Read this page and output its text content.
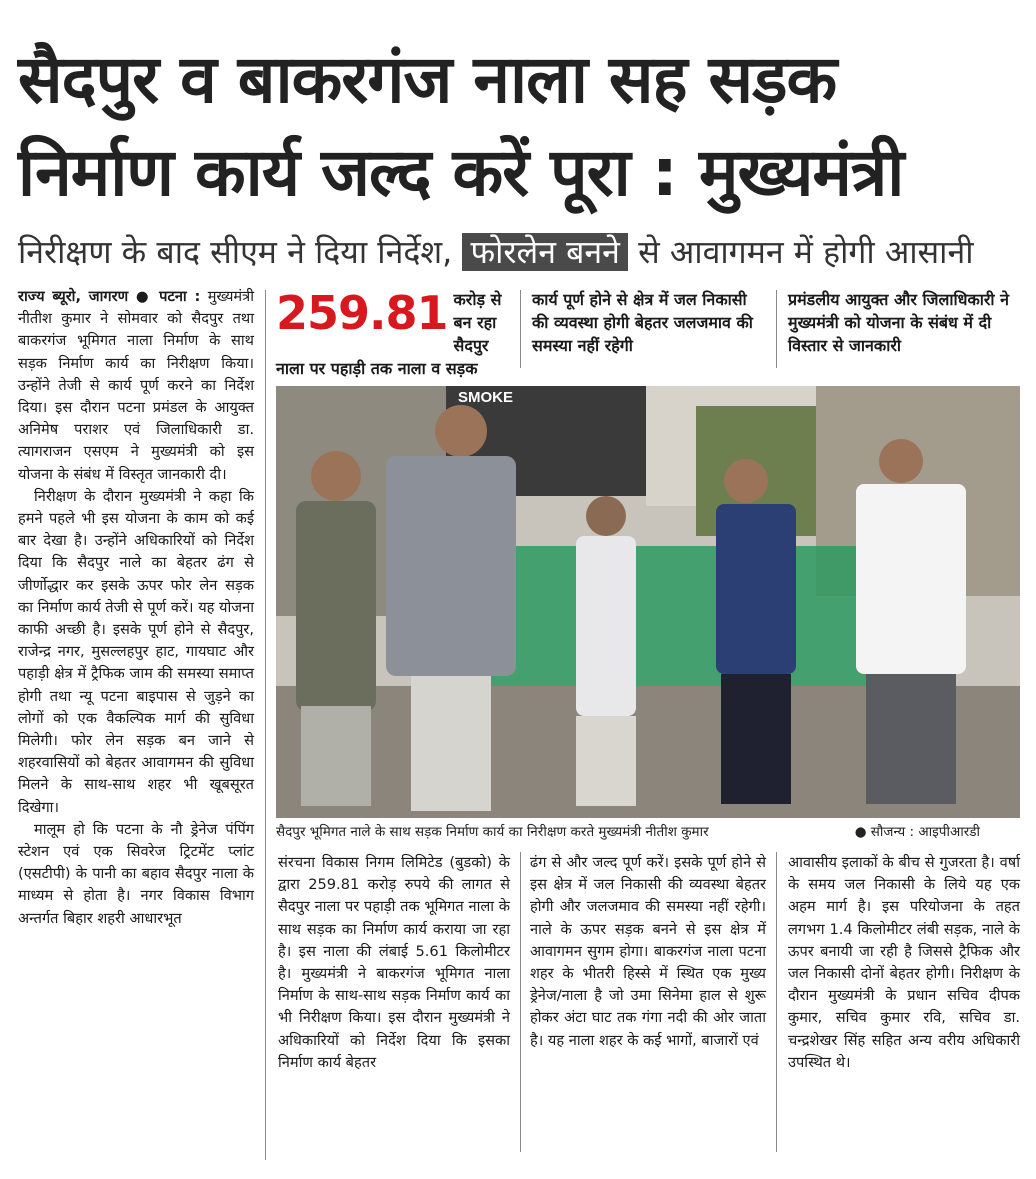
सैदपुर व बाकरगंज नाला सह सड़क
निर्माण कार्य जल्द करें पूरा : मुख्यमंत्री
निरीक्षण के बाद सीएम ने दिया निर्देश, फोरलेन बनने से आवागमन में होगी आसानी

राज्य ब्यूरो, जागरण ● पटना : मुख्यमंत्री नीतीश कुमार ने सोमवार को सैदपुर तथा बाकरगंज भूमिगत नाला निर्माण के साथ सड़क निर्माण कार्य का निरीक्षण किया। उन्होंने तेजी से कार्य पूर्ण करने का निर्देश दिया। इस दौरान पटना प्रमंडल के आयुक्त अनिमेष पराशर एवं जिलाधिकारी डा. त्यागराजन एसएम ने मुख्यमंत्री को इस योजना के संबंध में विस्तृत जानकारी दी।

निरीक्षण के दौरान मुख्यमंत्री ने कहा कि हमने पहले भी इस योजना के काम को कई बार देखा है। उन्होंने अधिकारियों को निर्देश दिया कि सैदपुर नाले का बेहतर ढंग से जीर्णोद्धार कर इसके ऊपर फोर लेन सड़क का निर्माण कार्य तेजी से पूर्ण करें। यह योजना काफी अच्छी है। इसके पूर्ण होने से सैदपुर, राजेन्द्र नगर, मुसल्लहपुर हाट, गायघाट और पहाड़ी क्षेत्र में ट्रैफिक जाम की समस्या समाप्त होगी तथा न्यू पटना बाइपास से जुड़ने का लोगों को एक वैकल्पिक मार्ग की सुविधा मिलेगी। फोर लेन सड़क बन जाने से शहरवासियों को बेहतर आवागमन की सुविधा मिलने के साथ-साथ शहर भी खूबसूरत दिखेगा।

मालूम हो कि पटना के नौ ड्रेनेज पंपिंग स्टेशन एवं एक सिवरेज ट्रिटमेंट प्लांट (एसटीपी) के पानी का बहाव सैदपुर नाला के माध्यम से होता है। नगर विकास विभाग अन्तर्गत बिहार शहरी आधारभूत

259.81 करोड़ से बन रहा सैदपुर नाला पर पहाड़ी तक नाला व सड़क
कार्य पूर्ण होने से क्षेत्र में जल निकासी की व्यवस्था होगी बेहतर जलजमाव की समस्या नहीं रहेगी
प्रमंडलीय आयुक्त और जिलाधिकारी ने मुख्यमंत्री को योजना के संबंध में दी विस्तार से जानकारी
SMOKE
सैदपुर भूमिगत नाले के साथ सड़क निर्माण कार्य का निरीक्षण करते मुख्यमंत्री नीतीश कुमार	● सौजन्य : आइपीआरडी

संरचना विकास निगम लिमिटेड (बुडको) के द्वारा 259.81 करोड़ रुपये की लागत से सैदपुर नाला पर पहाड़ी तक भूमिगत नाला के साथ सड़क का निर्माण कार्य कराया जा रहा है। इस नाला की लंबाई 5.61 किलोमीटर है। मुख्यमंत्री ने बाकरगंज भूमिगत नाला निर्माण के साथ-साथ सड़क निर्माण कार्य का भी निरीक्षण किया। इस दौरान मुख्यमंत्री ने अधिकारियों को निर्देश दिया कि इसका निर्माण कार्य बेहतर

ढंग से और जल्द पूर्ण करें। इसके पूर्ण होने से इस क्षेत्र में जल निकासी की व्यवस्था बेहतर होगी और जलजमाव की समस्या नहीं रहेगी। नाले के ऊपर सड़क बनने से इस क्षेत्र में आवागमन सुगम होगा। बाकरगंज नाला पटना शहर के भीतरी हिस्से में स्थित एक मुख्य ड्रेनेज/नाला है जो उमा सिनेमा हाल से शुरू होकर अंटा घाट तक गंगा नदी की ओर जाता है। यह नाला शहर के कई भागों, बाजारों एवं

आवासीय इलाकों के बीच से गुजरता है। वर्षा के समय जल निकासी के लिये यह एक अहम मार्ग है। इस परियोजना के तहत लगभग 1.4 किलोमीटर लंबी सड़क, नाले के ऊपर बनायी जा रही है जिससे ट्रैफिक और जल निकासी दोनों बेहतर होगी। निरीक्षण के दौरान मुख्यमंत्री के प्रधान सचिव दीपक कुमार, सचिव कुमार रवि, सचिव डा. चन्द्रशेखर सिंह सहित अन्य वरीय अधिकारी उपस्थित थे।
